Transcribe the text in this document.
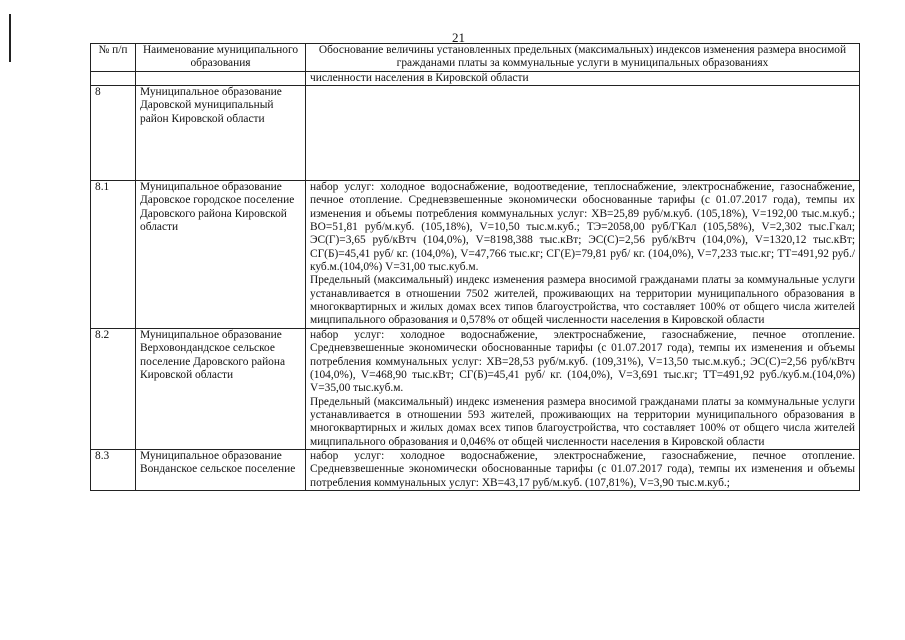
21
№ п/п	Наименование муниципального образования	Обоснование величины установленных предельных (максимальных) индексов изменения размера вносимой гражданами платы за коммунальные услуги в муниципальных образованиях
		численности населения в Кировской области
8	Муниципальное образование Даровской муниципальный район Кировской области	
8.1	Муниципальное образование Даровское городское поселение Даровского района Кировской области	набор услуг: холодное водоснабжение, водоотведение, теплоснабжение, электроснабжение, газоснабжение, печное отопление. Средневзвешенные экономически обоснованные тарифы (с 01.07.2017 года), темпы их изменения и объемы потребления коммунальных услуг: ХВ=25,89 руб/м.куб. (105,18%), V=192,00 тыс.м.куб.; ВО=51,81 руб/м.куб. (105,18%), V=10,50 тыс.м.куб.; ТЭ=2058,00 руб/ГКал (105,58%), V=2,302 тыс.Гкал; ЭС(Г)=3,65 руб/кВтч (104,0%), V=8198,388 тыс.кВт; ЭС(С)=2,56 руб/кВтч (104,0%), V=1320,12 тыс.кВт; СГ(Б)=45,41 руб/ кг. (104,0%), V=47,766 тыс.кг; СГ(Е)=79,81 руб/ кг. (104,0%), V=7,233 тыс.кг; ТТ=491,92 руб./куб.м.(104,0%) V=31,00 тыс.куб.м.
Предельный (максимальный) индекс изменения размера вносимой гражданами платы за коммунальные услуги устанавливается в отношении 7502 жителей, проживающих на территории муниципального образования в многоквартирных и жилых домах всех типов благоустройства, что составляет 100% от общего числа жителей мицпипального образования и 0,578% от общей численности населения в Кировской области

8.2	Муниципальное образование Верховондандское сельское поселение Даровского района Кировской области	набор услуг: холодное водоснабжение, электроснабжение, газоснабжение, печное отопление. Средневзвешенные экономически обоснованные тарифы (с 01.07.2017 года), темпы их изменения и объемы потребления коммунальных услуг: ХВ=28,53 руб/м.куб. (109,31%), V=13,50 тыс.м.куб.; ЭС(С)=2,56 руб/кВтч (104,0%), V=468,90 тыс.кВт; СГ(Б)=45,41 руб/ кг. (104,0%), V=3,691 тыс.кг; ТТ=491,92 руб./куб.м.(104,0%) V=35,00 тыс.куб.м.
Предельный (максимальный) индекс изменения размера вносимой гражданами платы за коммунальные услуги устанавливается в отношении 593 жителей, проживающих на территории муниципального образования в многоквартирных и жилых домах всех типов благоустройства, что составляет 100% от общего числа жителей мицпипального образования и 0,046% от общей численности населения в Кировской области

8.3	Муниципальное образование Вонданское сельское поселение	набор услуг: холодное водоснабжение, электроснабжение, газоснабжение, печное отопление. Средневзвешенные экономически обоснованные тарифы (с 01.07.2017 года), темпы их изменения и объемы потребления коммунальных услуг: ХВ=43,17 руб/м.куб. (107,81%), V=3,90 тыс.м.куб.;
